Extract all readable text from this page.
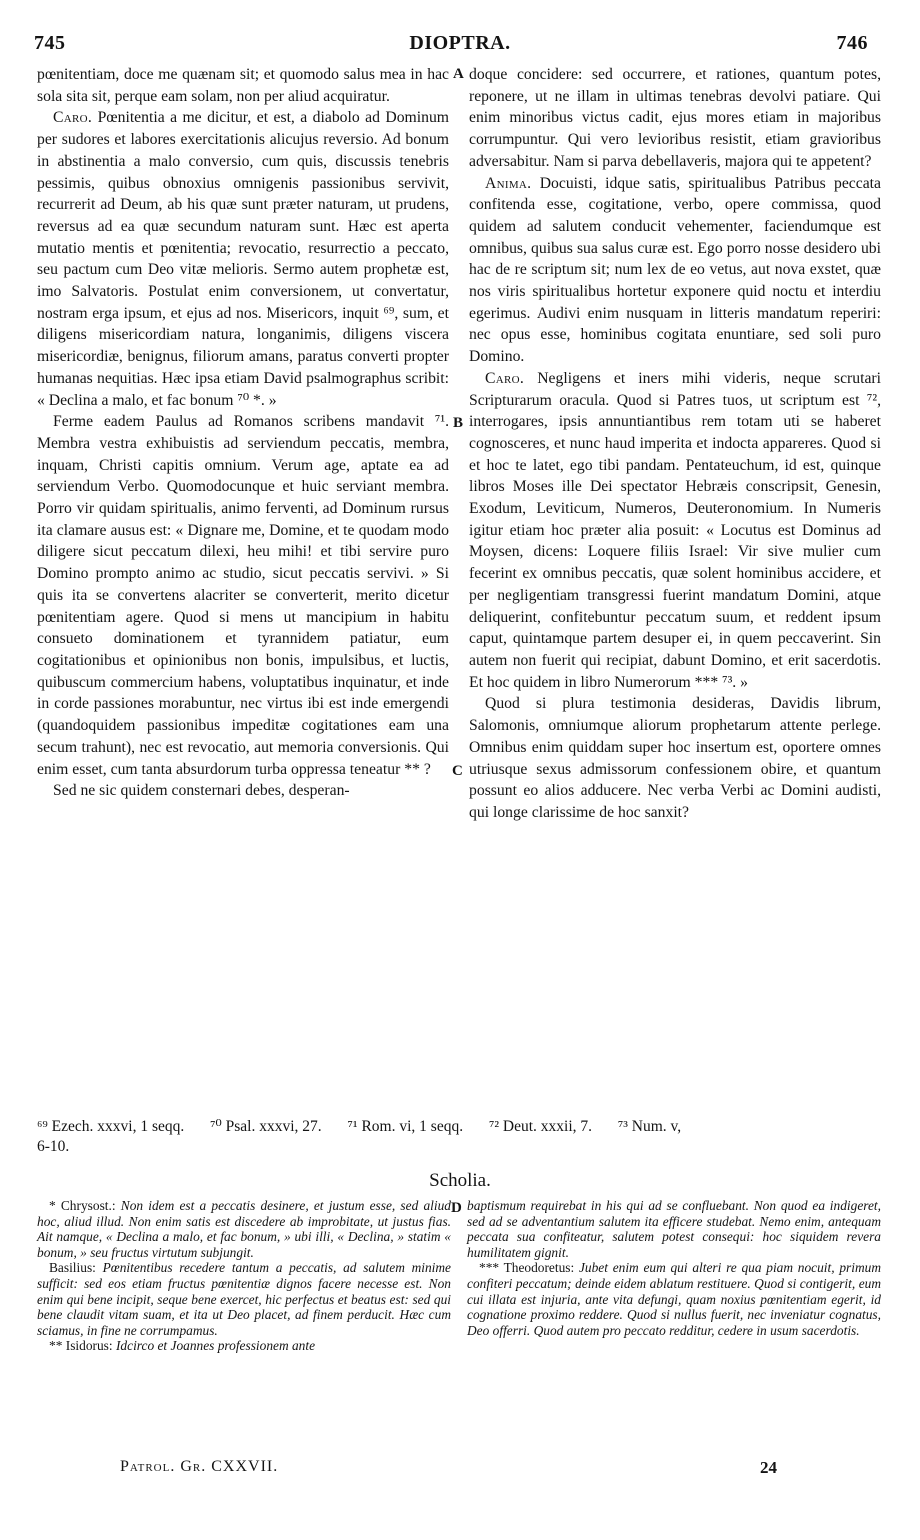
745	DIOPTRA.	746
A
B
C
D

pœnitentiam, doce me quænam sit; et quomodo salus mea in hac sola sita sit, perque eam solam, non per aliud acquiratur.

Caro. Pœnitentia a me dicitur, et est, a diabolo ad Dominum per sudores et labores exercitationis alicujus reversio. Ad bonum in abstinentia a malo conversio, cum quis, discussis tenebris pessimis, quibus obnoxius omnigenis passionibus servivit, recurrerit ad Deum, ab his quæ sunt præter naturam, ut prudens, reversus ad ea quæ secundum naturam sunt. Hæc est aperta mutatio mentis et pœnitentia; revocatio, resurrectio a peccato, seu pactum cum Deo vitæ melioris. Sermo autem prophetæ est, imo Salvatoris. Postulat enim conversionem, ut convertatur, nostram erga ipsum, et ejus ad nos. Misericors, inquit ⁶⁹, sum, et diligens misericordiam natura, longanimis, diligens viscera misericordiæ, benignus, filiorum amans, paratus converti propter humanas nequitias. Hæc ipsa etiam David psalmographus scribit: « Declina a malo, et fac bonum ⁷⁰ *. »

Ferme eadem Paulus ad Romanos scribens mandavit ⁷¹. Membra vestra exhibuistis ad serviendum peccatis, membra, inquam, Christi capitis omnium. Verum age, aptate ea ad serviendum Verbo. Quomodocunque et huic serviant membra. Porro vir quidam spiritualis, animo ferventi, ad Dominum rursus ita clamare ausus est: « Dignare me, Domine, et te quodam modo diligere sicut peccatum dilexi, heu mihi! et tibi servire puro Domino prompto animo ac studio, sicut peccatis servivi. » Si quis ita se convertens alacriter se converterit, merito dicetur pœnitentiam agere. Quod si mens ut mancipium in habitu consueto dominationem et tyrannidem patiatur, eum cogitationibus et opinionibus non bonis, impulsibus, et luctis, quibuscum commercium habens, voluptatibus inquinatur, et inde in corde passiones morabuntur, nec virtus ibi est inde emergendi (quandoquidem passionibus impeditæ cogitationes eam una secum trahunt), nec est revocatio, aut memoria conversionis. Qui enim esset, cum tanta absurdorum turba oppressa teneatur ** ?

Sed ne sic quidem consternari debes, desperan-

doque concidere: sed occurrere, et rationes, quantum potes, reponere, ut ne illam in ultimas tenebras devolvi patiare. Qui enim minoribus victus cadit, ejus mores etiam in majoribus corrumpuntur. Qui vero levioribus resistit, etiam gravioribus adversabitur. Nam si parva debellaveris, majora qui te appetent?

Anima. Docuisti, idque satis, spiritualibus Patribus peccata confitenda esse, cogitatione, verbo, opere commissa, quod quidem ad salutem conducit vehementer, faciendumque est omnibus, quibus sua salus curæ est. Ego porro nosse desidero ubi hac de re scriptum sit; num lex de eo vetus, aut nova exstet, quæ nos viris spiritualibus hortetur exponere quid noctu et interdiu egerimus. Audivi enim nusquam in litteris mandatum reperiri: nec opus esse, hominibus cogitata enuntiare, sed soli puro Domino.

Caro. Negligens et iners mihi videris, neque scrutari Scripturarum oracula. Quod si Patres tuos, ut scriptum est ⁷², interrogares, ipsis annuntiantibus rem totam uti se haberet cognosceres, et nunc haud imperita et indocta appareres. Quod si et hoc te latet, ego tibi pandam. Pentateuchum, id est, quinque libros Moses ille Dei spectator Hebræis conscripsit, Genesin, Exodum, Leviticum, Numeros, Deuteronomium. In Numeris igitur etiam hoc præter alia posuit: « Locutus est Dominus ad Moysen, dicens: Loquere filiis Israel: Vir sive mulier cum fecerint ex omnibus peccatis, quæ solent hominibus accidere, et per negligentiam transgressi fuerint mandatum Domini, atque deliquerint, confitebuntur peccatum suum, et reddent ipsum caput, quintamque partem desuper ei, in quem peccaverint. Sin autem non fuerit qui recipiat, dabunt Domino, et erit sacerdotis. Et hoc quidem in libro Numerorum *** ⁷³. »

Quod si plura testimonia desideras, Davidis librum, Salomonis, omniumque aliorum prophetarum attente perlege. Omnibus enim quiddam super hoc insertum est, oportere omnes utriusque sexus admissorum confessionem obire, et quantum possunt eo alios adducere. Nec verba Verbi ac Domini audisti, qui longe clarissime de hoc sanxit?

⁶⁹ Ezech. xxxvi, 1 seqq. ⁷⁰ Psal. xxxvi, 27. ⁷¹ Rom. vi, 1 seqq. ⁷² Deut. xxxii, 7. ⁷³ Num. v,
6-10.
Scholia.

* Chrysost.: Non idem est a peccatis desinere, et justum esse, sed aliud hoc, aliud illud. Non enim satis est discedere ab improbitate, ut justus fias. Ait namque, « Declina a malo, et fac bonum, » ubi illi, « Declina, » statim « bonum, » seu fructus virtutum subjungit.

Basilius: Pœnitentibus recedere tantum a peccatis, ad salutem minime sufficit: sed eos etiam fructus pœnitentiæ dignos facere necesse est. Non enim qui bene incipit, seque bene exercet, hic perfectus et beatus est: sed qui bene claudit vitam suam, et ita ut Deo placet, ad finem perducit. Hæc cum sciamus, in fine ne corrumpamus.

** Isidorus: Idcirco et Joannes professionem ante

baptismum requirebat in his qui ad se confluebant. Non quod ea indigeret, sed ad se adventantium salutem ita efficere studebat. Nemo enim, antequam peccata sua confiteatur, salutem potest consequi: hoc siquidem revera humilitatem gignit.

*** Theodoretus: Jubet enim eum qui alteri re qua piam nocuit, primum confiteri peccatum; deinde eidem ablatum restituere. Quod si contigerit, eum cui illata est injuria, ante vita defungi, quam noxius pœnitentiam egerit, id cognatione proximo reddere. Quod si nullus fuerit, nec inveniatur cognatus, Deo offerri. Quod autem pro peccato redditur, cedere in usum sacerdotis.

Patrol. Gr. CXXVII.	24
